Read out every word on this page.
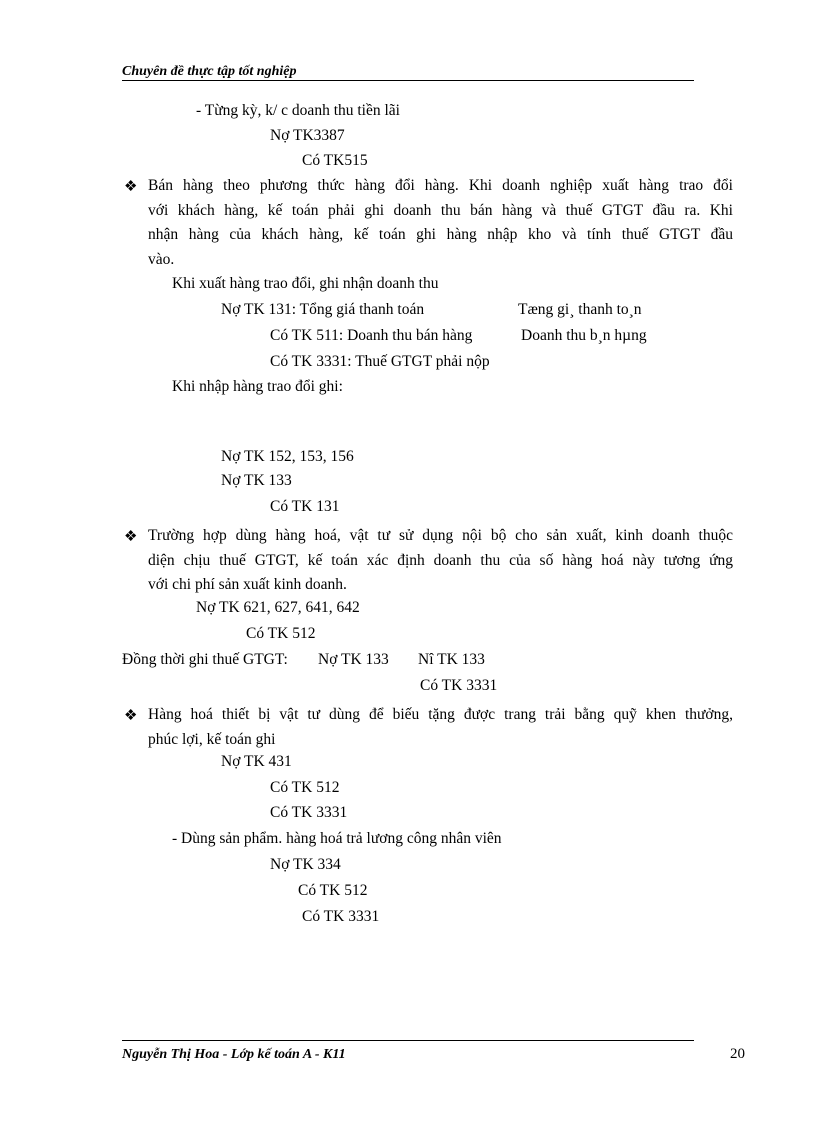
Chuyên đề thực tập tốt nghiệp
- Từng kỳ, k/ c doanh thu tiền lãi
Nợ TK3387
Có TK515
❖ Bán hàng theo phương thức hàng đổi hàng. Khi doanh nghiệp xuất hàng trao đổi
với khách hàng, kế toán phải ghi doanh thu bán hàng và thuế GTGT đầu ra. Khi
nhận hàng của khách hàng, kế toán ghi hàng nhập kho và tính thuế GTGT đầu
vào.
Khi xuất hàng trao đổi, ghi nhận doanh thu
Nợ TK 131: Tổng giá thanh toán	Tæng gi¸ thanh to¸n
Có TK 511: Doanh thu bán hàng	Doanh thu b¸n hµng
Có TK 3331: Thuế GTGT phải nộp
Khi nhập hàng trao đổi ghi:
Nợ TK 152, 153, 156
Nợ TK 133
Có TK 131
❖ Trường hợp dùng hàng hoá, vật tư sử dụng nội bộ cho sản xuất, kinh doanh thuộc
diện chịu thuế GTGT, kế toán xác định doanh thu của số hàng hoá này tương ứng
với chi phí sản xuất kinh doanh.
Nợ TK 621, 627, 641, 642
Có TK 512
Đồng thời ghi thuế GTGT: Nợ TK 133 Nî TK 133
Có TK 3331
❖ Hàng hoá thiết bị vật tư dùng để biếu tặng được trang trải bằng quỹ khen thưởng,
phúc lợi, kế toán ghi
Nợ TK 431
Có TK 512
Có TK 3331
- Dùng sản phẩm. hàng hoá trả lương công nhân viên
Nợ TK 334
Có TK 512
Có TK 3331
Nguyễn Thị Hoa - Lớp kế toán A - K11	20
